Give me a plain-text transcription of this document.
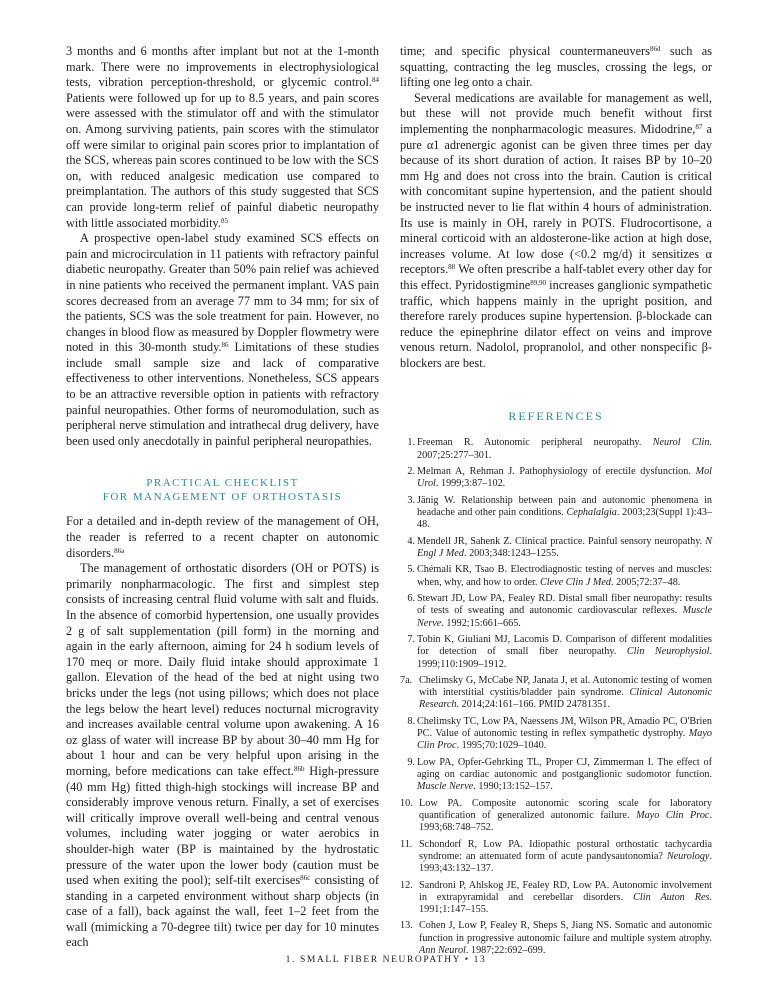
3 months and 6 months after implant but not at the 1-month mark. There were no improvements in electrophysiological tests, vibration perception-threshold, or glycemic control.$^{84}$ Patients were followed up for up to 8.5 years, and pain scores were assessed with the stimulator off and with the stimulator on. Among surviving patients, pain scores with the stimulator off were similar to original pain scores prior to implantation of the SCS, whereas pain scores continued to be low with the SCS on, with reduced analgesic medication use compared to preimplantation. The authors of this study suggested that SCS can provide long-term relief of painful diabetic neuropathy with little associated morbidity.$^{85}$

A prospective open-label study examined SCS effects on pain and microcirculation in 11 patients with refractory painful diabetic neuropathy. Greater than 50% pain relief was achieved in nine patients who received the permanent implant. VAS pain scores decreased from an average 77 mm to 34 mm; for six of the patients, SCS was the sole treatment for pain. However, no changes in blood flow as measured by Doppler flowmetry were noted in this 30-month study.$^{86}$ Limitations of these studies include small sample size and lack of comparative effectiveness to other interventions. Nonetheless, SCS appears to be an attractive reversible option in patients with refractory painful neuropathies. Other forms of neuromodulation, such as peripheral nerve stimulation and intrathecal drug delivery, have been used only anecdotally in painful peripheral neuropathies.

PRACTICAL CHECKLIST
FOR MANAGEMENT OF ORTHOSTASIS

For a detailed and in-depth review of the management of OH, the reader is referred to a recent chapter on autonomic disorders.$^{86a}$

The management of orthostatic disorders (OH or POTS) is primarily nonpharmacologic. The first and simplest step consists of increasing central fluid volume with salt and fluids. In the absence of comorbid hypertension, one usually provides 2 g of salt supplementation (pill form) in the morning and again in the early afternoon, aiming for 24 h sodium levels of 170 meq or more. Daily fluid intake should approximate 1 gallon. Elevation of the head of the bed at night using two bricks under the legs (not using pillows; which does not place the legs below the heart level) reduces nocturnal microgravity and increases available central volume upon awakening. A 16 oz glass of water will increase BP by about 30–40 mm Hg for about 1 hour and can be very helpful upon arising in the morning, before medications can take effect.$^{86b}$ High-pressure (40 mm Hg) fitted thigh-high stockings will increase BP and considerably improve venous return. Finally, a set of exercises will critically improve overall well-being and central venous volumes, including water jogging or water aerobics in shoulder-high water (BP is maintained by the hydrostatic pressure of the water upon the lower body (caution must be used when exiting the pool); self-tilt exercises$^{86c}$ consisting of standing in a carpeted environment without sharp objects (in case of a fall), back against the wall, feet 1–2 feet from the wall (mimicking a 70-degree tilt) twice per day for 10 minutes each

time; and specific physical countermaneuvers$^{86d}$ such as squatting, contracting the leg muscles, crossing the legs, or lifting one leg onto a chair.

Several medications are available for management as well, but these will not provide much benefit without first implementing the nonpharmacologic measures. Midodrine,$^{87}$ a pure α1 adrenergic agonist can be given three times per day because of its short duration of action. It raises BP by 10–20 mm Hg and does not cross into the brain. Caution is critical with concomitant supine hypertension, and the patient should be instructed never to lie flat within 4 hours of administration. Its use is mainly in OH, rarely in POTS. Fludrocortisone, a mineral corticoid with an aldosterone-like action at high dose, increases volume. At low dose (<0.2 mg/d) it sensitizes α receptors.$^{88}$ We often prescribe a half-tablet every other day for this effect. Pyridostigmine$^{89,90}$ increases ganglionic sympathetic traffic, which happens mainly in the upright position, and therefore rarely produces supine hypertension. β-blockade can reduce the epinephrine dilator effect on veins and improve venous return. Nadolol, propranolol, and other nonspecific β-blockers are best.

REFERENCES
1. Freeman R. Autonomic peripheral neuropathy. Neurol Clin. 2007;25:277–301.
2. Melman A, Rehman J. Pathophysiology of erectile dysfunction. Mol Urol. 1999;3:87–102.
3. Jänig W. Relationship between pain and autonomic phenomena in headache and other pain conditions. Cephalalgia. 2003;23(Suppl 1):43–48.
4. Mendell JR, Sahenk Z. Clinical practice. Painful sensory neuropathy. N Engl J Med. 2003;348:1243–1255.
5. Chémali KR, Tsao B. Electrodiagnostic testing of nerves and muscles: when, why, and how to order. Cleve Clin J Med. 2005;72:37–48.
6. Stewart JD, Low PA, Fealey RD. Distal small fiber neuropathy: results of tests of sweating and autonomic cardiovascular reflexes. Muscle Nerve. 1992;15:661–665.
7. Tobin K, Giuliani MJ, Lacomis D. Comparison of different modalities for detection of small fiber neuropathy. Clin Neurophysiol. 1999;110:1909–1912.
7a. Chelimsky G, McCabe NP, Janata J, et al. Autonomic testing of women with interstitial cystitis/bladder pain syndrome. Clinical Autonomic Research. 2014;24:161–166. PMID 24781351.
8. Chelimsky TC, Low PA, Naessens JM, Wilson PR, Amadio PC, O'Brien PC. Value of autonomic testing in reflex sympathetic dystrophy. Mayo Clin Proc. 1995;70:1029–1040.
9. Low PA, Opfer-Gehrking TL, Proper CJ, Zimmerman I. The effect of aging on cardiac autonomic and postganglionic sudomotor function. Muscle Nerve. 1990;13:152–157.
10. Low PA. Composite autonomic scoring scale for laboratory quantification of generalized autonomic failure. Mayo Clin Proc. 1993;68:748–752.
11. Schondorf R, Low PA. Idiopathic postural orthostatic tachycardia syndrome: an attenuated form of acute pandysautonomia? Neurology. 1993;43:132–137.
12. Sandroni P, Ahlskog JE, Fealey RD, Low PA. Autonomic involvement in extrapyramidal and cerebellar disorders. Clin Auton Res. 1991;1:147–155.
13. Cohen J, Low P, Fealey R, Sheps S, Jiang NS. Somatic and autonomic function in progressive autonomic failure and multiple system atrophy. Ann Neurol. 1987;22:692–699.
1. SMALL FIBER NEUROPATHY • 13
